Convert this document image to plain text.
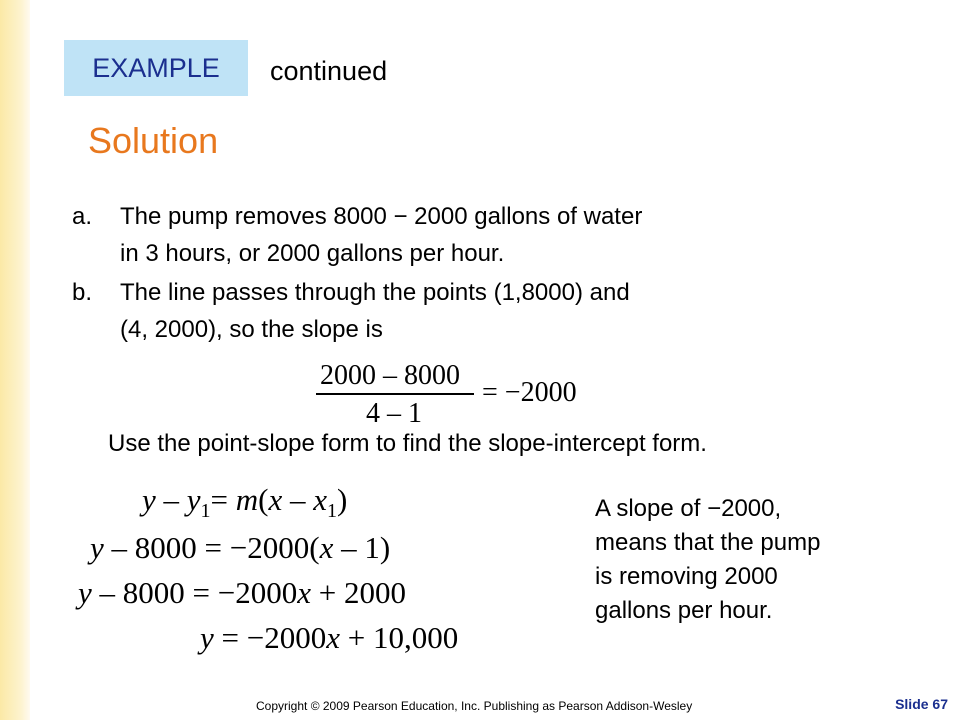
EXAMPLE continued
Solution
a. The pump removes 8000 − 2000 gallons of water
in 3 hours, or 2000 gallons per hour.
b. The line passes through the points (1,8000) and
(4, 2000), so the slope is
2000 – 8000
4 – 1
= −2000
Use the point-slope form to find the slope-intercept form.
$y - y_1= m(x - x_1)$
y – 8000 = −2000(x – 1)
y – 8000 = −2000x + 2000
y = −2000x + 10,000
A slope of −2000,
means that the pump
is removing 2000
gallons per hour.
Copyright © 2009 Pearson Education, Inc. Publishing as Pearson Addison-Wesley	Slide 67
